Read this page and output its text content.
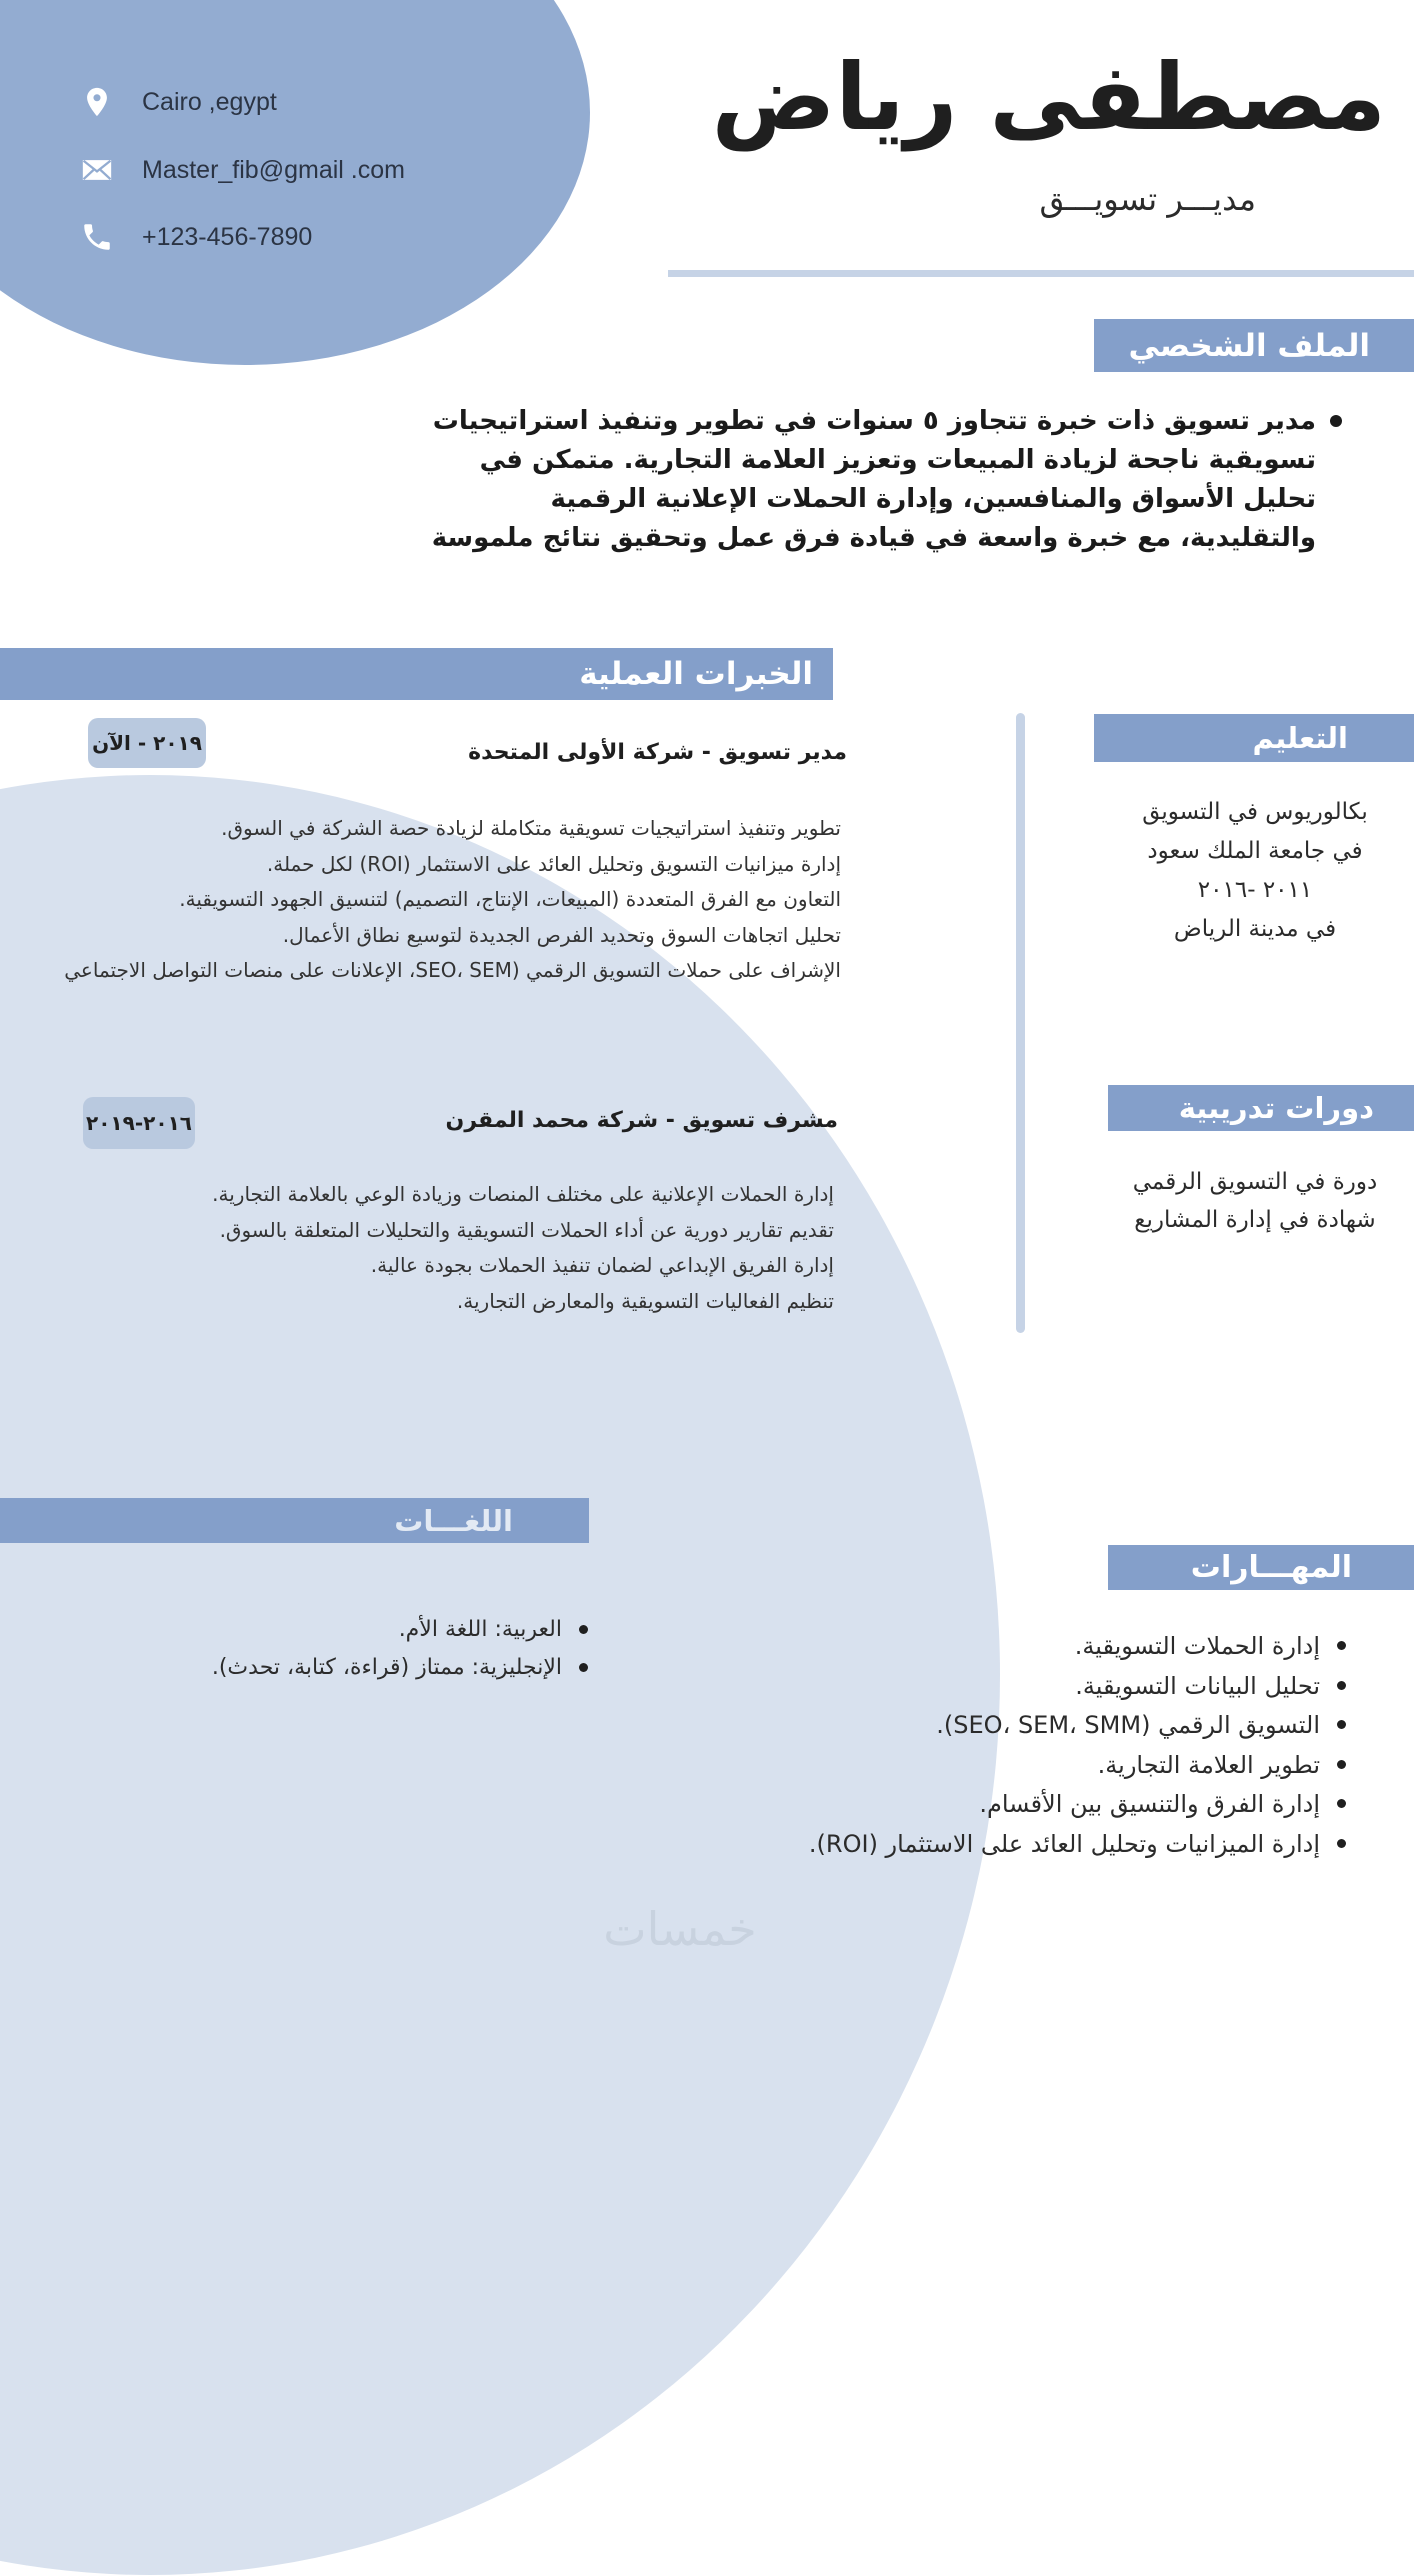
Cairo ,egypt
Master_fib@gmail .com
+123-456-7890
مصطفى رياض
مديـــر تسويـــق
الملف الشخصي
مدير تسويق ذات خبرة تتجاوز ٥ سنوات في تطوير وتنفيذ استراتيجيات تسويقية ناجحة لزيادة المبيعات وتعزيز العلامة التجارية. متمكن في تحليل الأسواق والمنافسين، وإدارة الحملات الإعلانية الرقمية والتقليدية، مع خبرة واسعة في قيادة فرق عمل وتحقيق نتائج ملموسة
الخبرات العملية
مدير تسويق - شركة الأولى المتحدة
٢٠١٩ - الآن
تطوير وتنفيذ استراتيجيات تسويقية متكاملة لزيادة حصة الشركة في السوق.
إدارة ميزانيات التسويق وتحليل العائد على الاستثمار (ROI) لكل حملة.
التعاون مع الفرق المتعددة (المبيعات، الإنتاج، التصميم) لتنسيق الجهود التسويقية.
تحليل اتجاهات السوق وتحديد الفرص الجديدة لتوسيع نطاق الأعمال.
الإشراف على حملات التسويق الرقمي (SEO، SEM، الإعلانات على منصات التواصل الاجتماعي
مشرف تسويق - شركة محمد المقرن
٢٠١٦-٢٠١٩
إدارة الحملات الإعلانية على مختلف المنصات وزيادة الوعي بالعلامة التجارية.
تقديم تقارير دورية عن أداء الحملات التسويقية والتحليلات المتعلقة بالسوق.
إدارة الفريق الإبداعي لضمان تنفيذ الحملات بجودة عالية.
تنظيم الفعاليات التسويقية والمعارض التجارية.
التعليم
بكالوريوس في التسويق
في جامعة الملك سعود
٢٠١١ -٢٠١٦
في مدينة الرياض
دورات تدريبية
دورة في التسويق الرقمي
شهادة في إدارة المشاريع
اللغـــات
العربية: اللغة الأم.
الإنجليزية: ممتاز (قراءة، كتابة، تحدث).
المهـــارات
إدارة الحملات التسويقية.
تحليل البيانات التسويقية.
التسويق الرقمي (SEO، SEM، SMM).
تطوير العلامة التجارية.
إدارة الفرق والتنسيق بين الأقسام.
إدارة الميزانيات وتحليل العائد على الاستثمار (ROI).
خمسات
